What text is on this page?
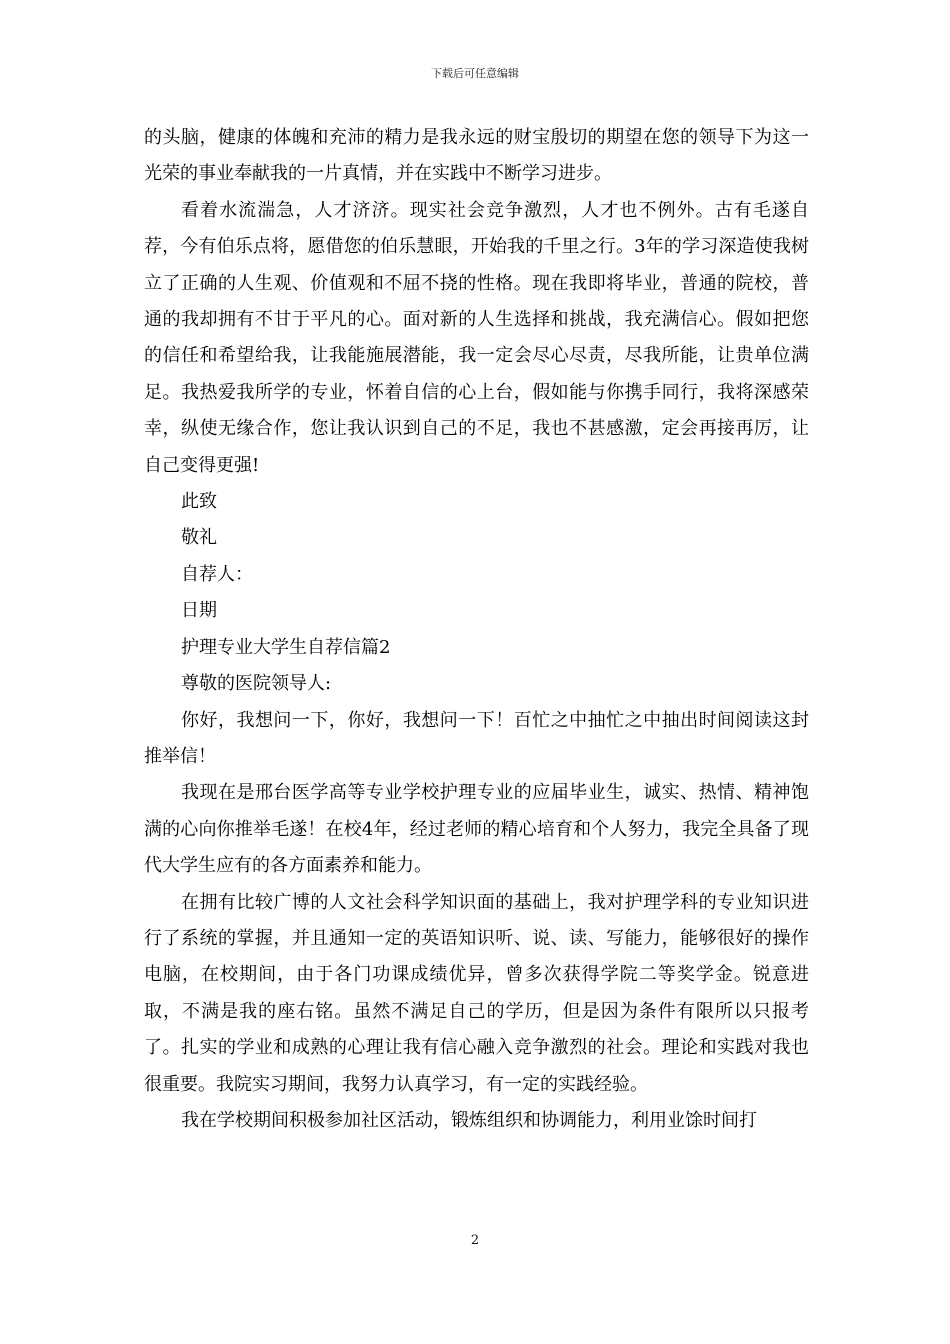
下载后可任意编辑

的头脑，健康的体魄和充沛的精力是我永远的财宝殷切的期望在您的领导下为这一光荣的事业奉献我的一片真情，并在实践中不断学习进步。

看着水流湍急，人才济济。现实社会竞争激烈，人才也不例外。古有毛遂自荐，今有伯乐点将，愿借您的伯乐慧眼，开始我的千里之行。3年的学习深造使我树立了正确的人生观、价值观和不屈不挠的性格。现在我即将毕业，普通的院校，普通的我却拥有不甘于平凡的心。面对新的人生选择和挑战，我充满信心。假如把您的信任和希望给我，让我能施展潜能，我一定会尽心尽责，尽我所能，让贵单位满足。我热爱我所学的专业，怀着自信的心上台，假如能与你携手同行，我将深感荣幸，纵使无缘合作，您让我认识到自己的不足，我也不甚感激，定会再接再厉，让自己变得更强!

此致

敬礼

自荐人：

日期

护理专业大学生自荐信篇2

尊敬的医院领导人:

你好，我想问一下，你好，我想问一下！百忙之中抽忙之中抽出时间阅读这封推举信！

我现在是邢台医学高等专业学校护理专业的应届毕业生，诚实、热情、精神饱满的心向你推举毛遂！在校4年，经过老师的精心培育和个人努力，我完全具备了现代大学生应有的各方面素养和能力。

在拥有比较广博的人文社会科学知识面的基础上，我对护理学科的专业知识进行了系统的掌握，并且通知一定的英语知识听、说、读、写能力，能够很好的操作电脑，在校期间，由于各门功课成绩优异，曾多次获得学院二等奖学金。锐意进取，不满是我的座右铭。虽然不满足自己的学历，但是因为条件有限所以只报考了。扎实的学业和成熟的心理让我有信心融入竞争激烈的社会。理论和实践对我也很重要。我院实习期间，我努力认真学习，有一定的实践经验。

我在学校期间积极参加社区活动，锻炼组织和协调能力，利用业馀时间打

2
